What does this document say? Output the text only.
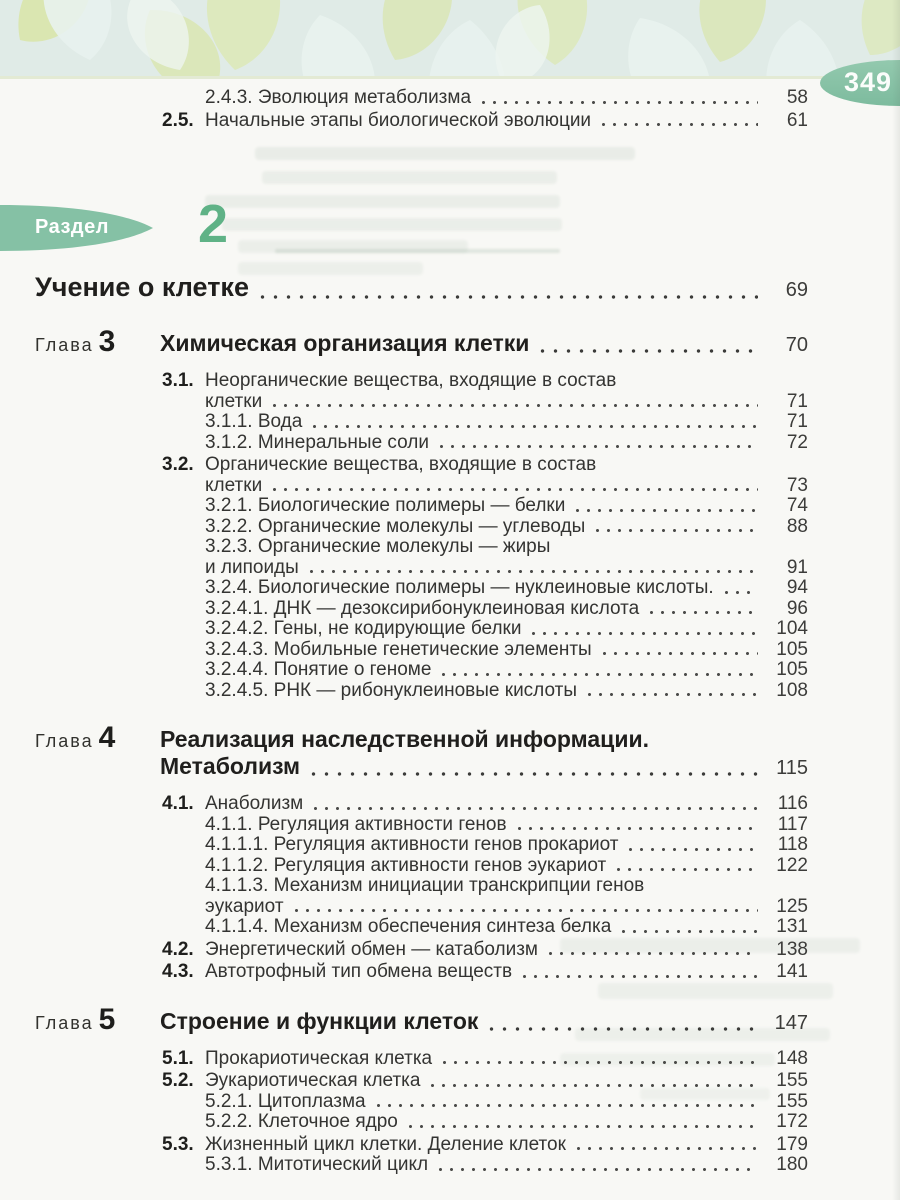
349
2.4.3. Эволюция метаболизма	58
2.5. Начальные этапы биологической эволюции	61
Раздел 2
Учение о клетке	69
Глава 3 Химическая организация клетки	70
3.1. Неорганические вещества, входящие в состав
клетки	71
3.1.1. Вода	71
3.1.2. Минеральные соли	72
3.2. Органические вещества, входящие в состав
клетки	73
3.2.1. Биологические полимеры — белки	74
3.2.2. Органические молекулы — углеводы	88
3.2.3. Органические молекулы — жиры
и липоиды	91
3.2.4. Биологические полимеры — нуклеиновые кислоты.	94
3.2.4.1. ДНК — дезоксирибонуклеиновая кислота	96
3.2.4.2. Гены, не кодирующие белки	104
3.2.4.3. Мобильные генетические элементы	105
3.2.4.4. Понятие о геноме	105
3.2.4.5. РНК — рибонуклеиновые кислоты	108
Глава 4 Реализация наследственной информации.
Метаболизм	115
4.1. Анаболизм	116
4.1.1. Регуляция активности генов	117
4.1.1.1. Регуляция активности генов прокариот	118
4.1.1.2. Регуляция активности генов эукариот	122
4.1.1.3. Механизм инициации транскрипции генов
эукариот	125
4.1.1.4. Механизм обеспечения синтеза белка	131
4.2. Энергетический обмен — катаболизм	138
4.3. Автотрофный тип обмена веществ	141
Глава 5 Строение и функции клеток	147
5.1. Прокариотическая клетка	148
5.2. Эукариотическая клетка	155
5.2.1. Цитоплазма	155
5.2.2. Клеточное ядро	172
5.3. Жизненный цикл клетки. Деление клеток	179
5.3.1. Митотический цикл	180
